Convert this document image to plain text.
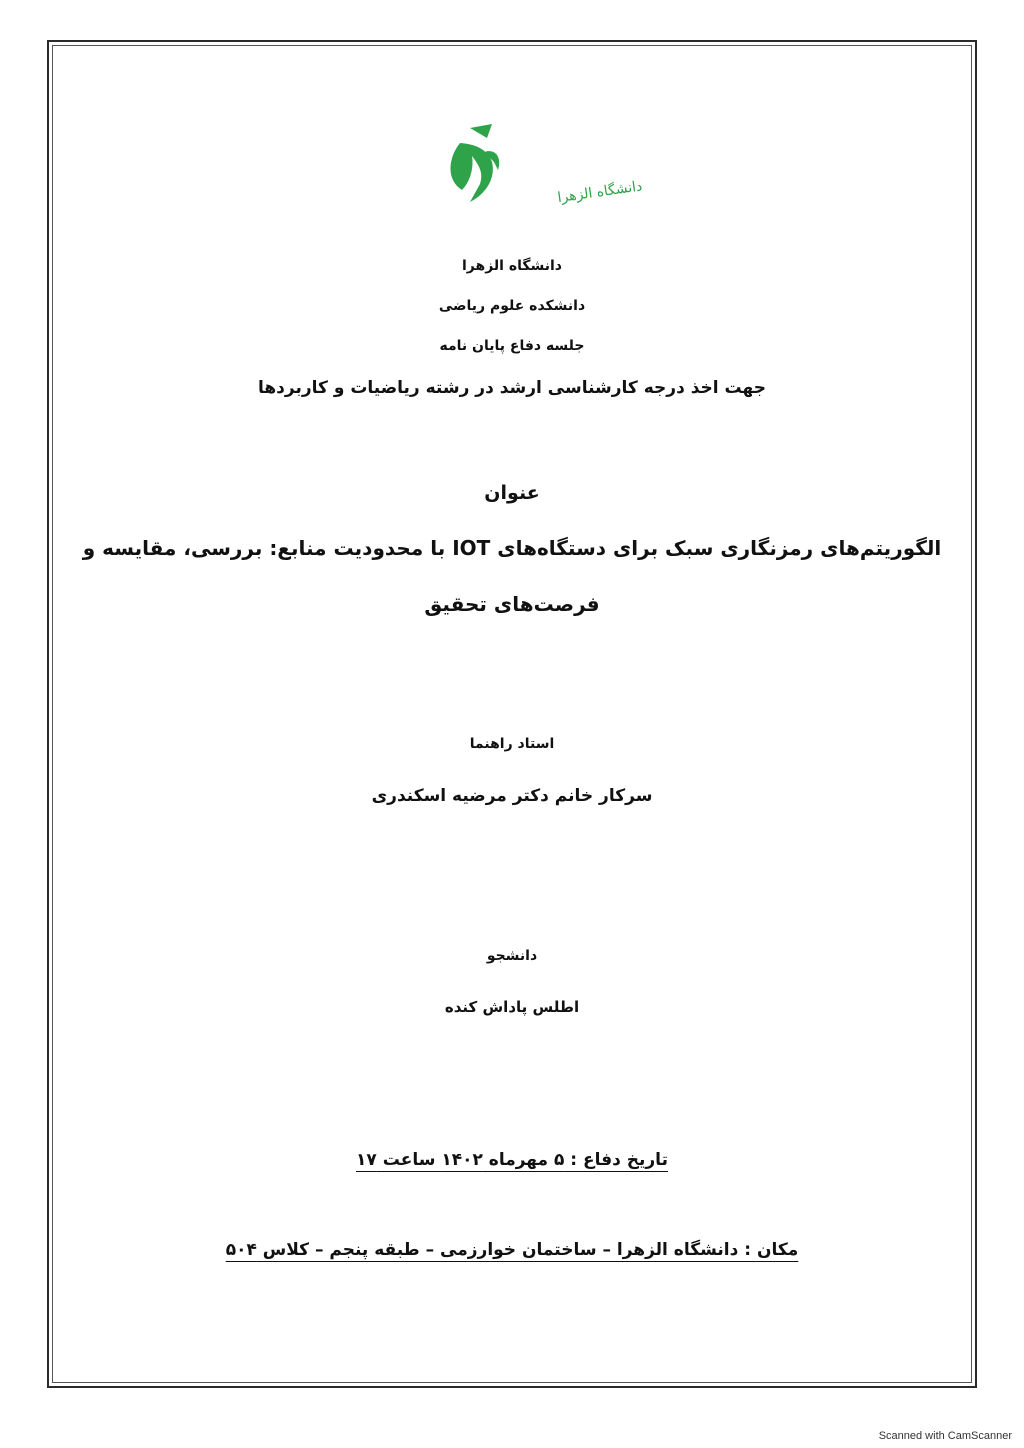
دانشگاه الزهرا
دانشگاه الزهرا
دانشکده علوم ریاضی
جلسه دفاع پایان نامه
جهت اخذ درجه کارشناسی ارشد در رشته ریاضیات و کاربردها
عنوان
الگوریتم‌های رمزنگاری سبک برای دستگاه‌های IOT با محدودیت منابع: بررسی، مقایسه و
فرصت‌های تحقیق
استاد راهنما
سرکار خانم دکتر مرضیه اسکندری
دانشجو
اطلس پاداش کنده
تاریخ دفاع : ۵ مهرماه ۱۴۰۲ ساعت ۱۷
مکان : دانشگاه الزهرا – ساختمان خوارزمی – طبقه پنجم – کلاس ۵۰۴
Scanned with CamScanner
